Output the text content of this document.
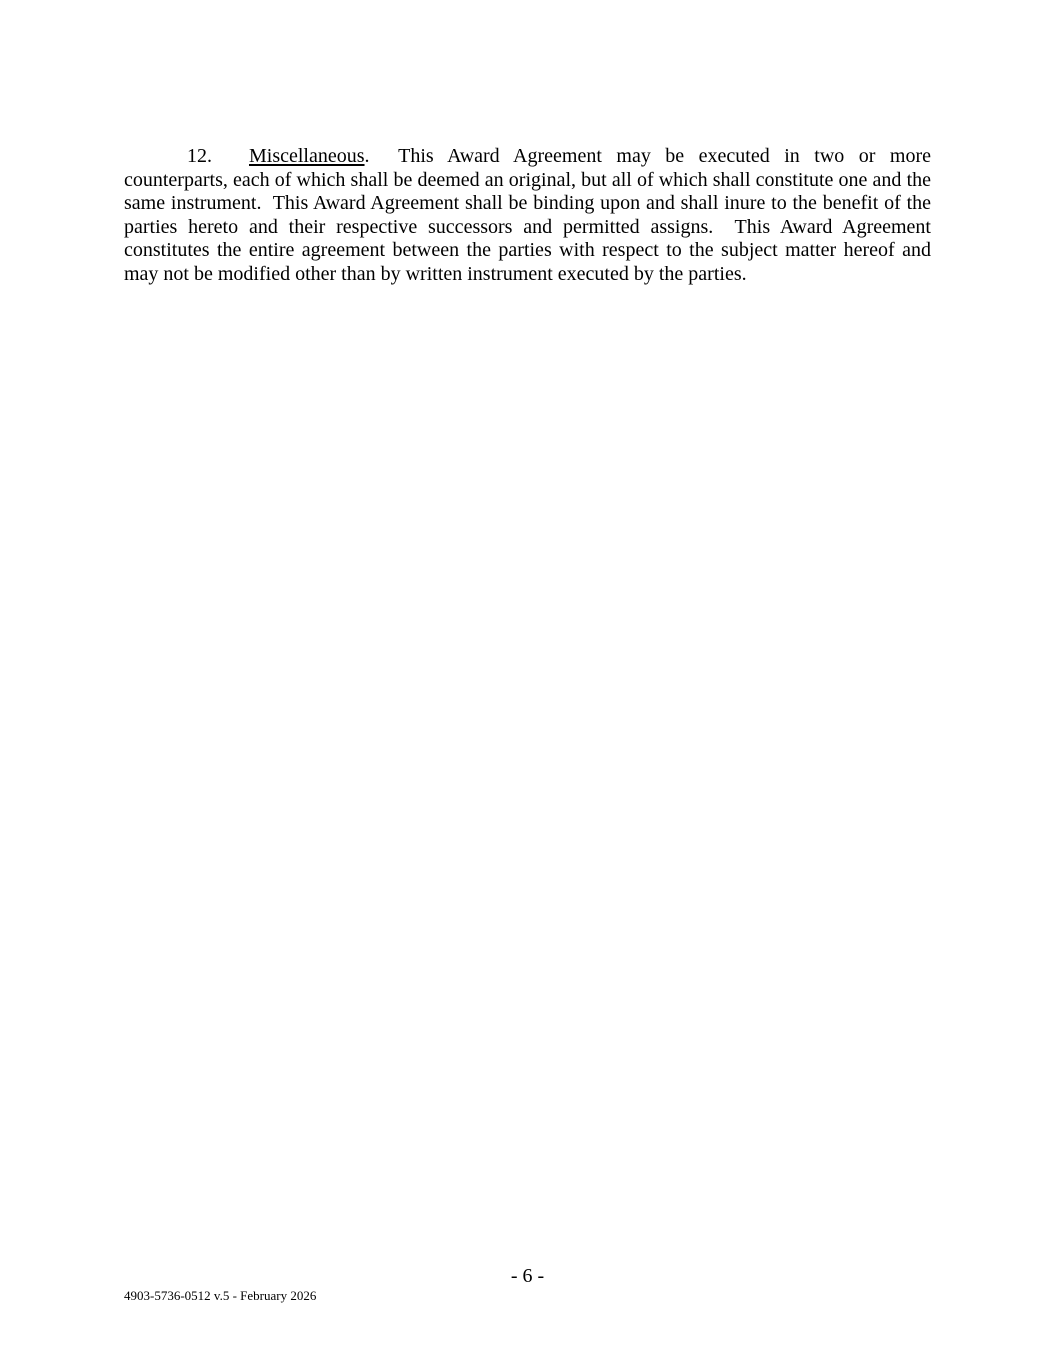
12. Miscellaneous.  This Award Agreement may be executed in two or more counterparts, each of which shall be deemed an original, but all of which shall constitute one and the same instrument.  This Award Agreement shall be binding upon and shall inure to the benefit of the parties hereto and their respective successors and permitted assigns.  This Award Agreement constitutes the entire agreement between the parties with respect to the subject matter hereof and may not be modified other than by written instrument executed by the parties.

- 6 -
4903-5736-0512 v.5 - February 2026
